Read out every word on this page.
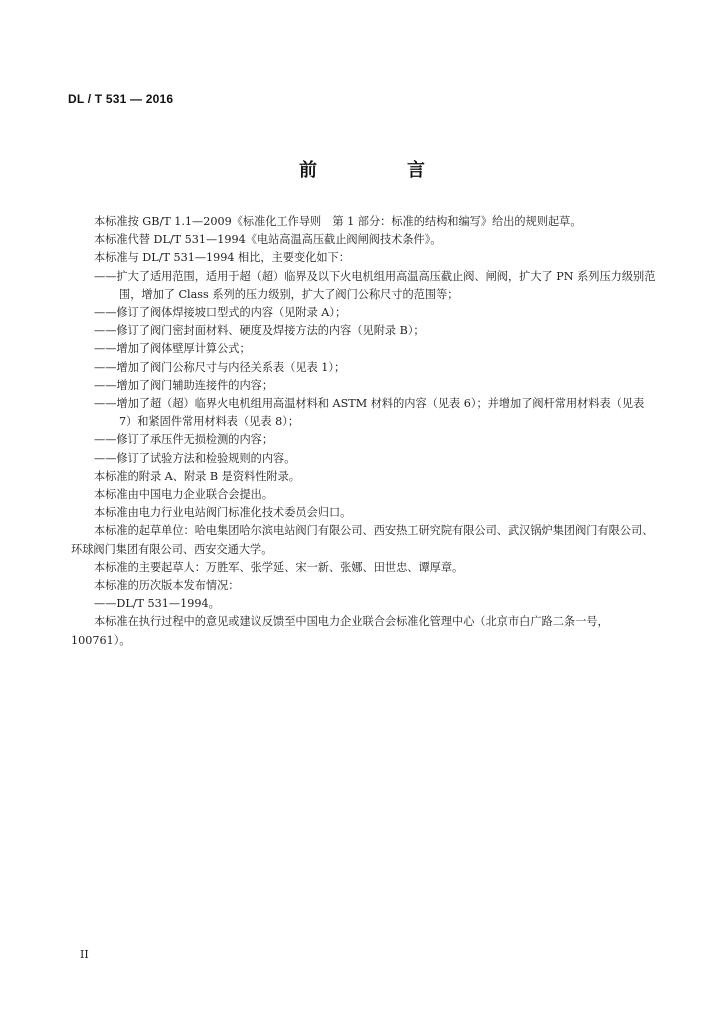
DL / T 531 — 2016
前　言

本标准按 GB/T 1.1—2009《标准化工作导则　第 1 部分：标准的结构和编写》给出的规则起草。

本标准代替 DL/T 531—1994《电站高温高压截止阀闸阀技术条件》。

本标准与 DL/T 531—1994 相比，主要变化如下：

——扩大了适用范围，适用于超（超）临界及以下火电机组用高温高压截止阀、闸阀，扩大了 PN 系列压力级别范围，增加了 Class 系列的压力级别，扩大了阀门公称尺寸的范围等；

——修订了阀体焊接坡口型式的内容（见附录 A）；

——修订了阀门密封面材料、硬度及焊接方法的内容（见附录 B）；

——增加了阀体壁厚计算公式；

——增加了阀门公称尺寸与内径关系表（见表 1）；

——增加了阀门辅助连接件的内容；

——增加了超（超）临界火电机组用高温材料和 ASTM 材料的内容（见表 6）；并增加了阀杆常用材料表（见表 7）和紧固件常用材料表（见表 8）；

——修订了承压件无损检测的内容；

——修订了试验方法和检验规则的内容。

本标准的附录 A、附录 B 是资料性附录。

本标准由中国电力企业联合会提出。

本标准由电力行业电站阀门标准化技术委员会归口。

本标准的起草单位：哈电集团哈尔滨电站阀门有限公司、西安热工研究院有限公司、武汉锅炉集团阀门有限公司、环球阀门集团有限公司、西安交通大学。

本标准的主要起草人：万胜军、张学延、宋一新、张娜、田世忠、谭厚章。

本标准的历次版本发布情况：

——DL/T 531—1994。

本标准在执行过程中的意见或建议反馈至中国电力企业联合会标准化管理中心（北京市白广路二条一号，100761）。

II
